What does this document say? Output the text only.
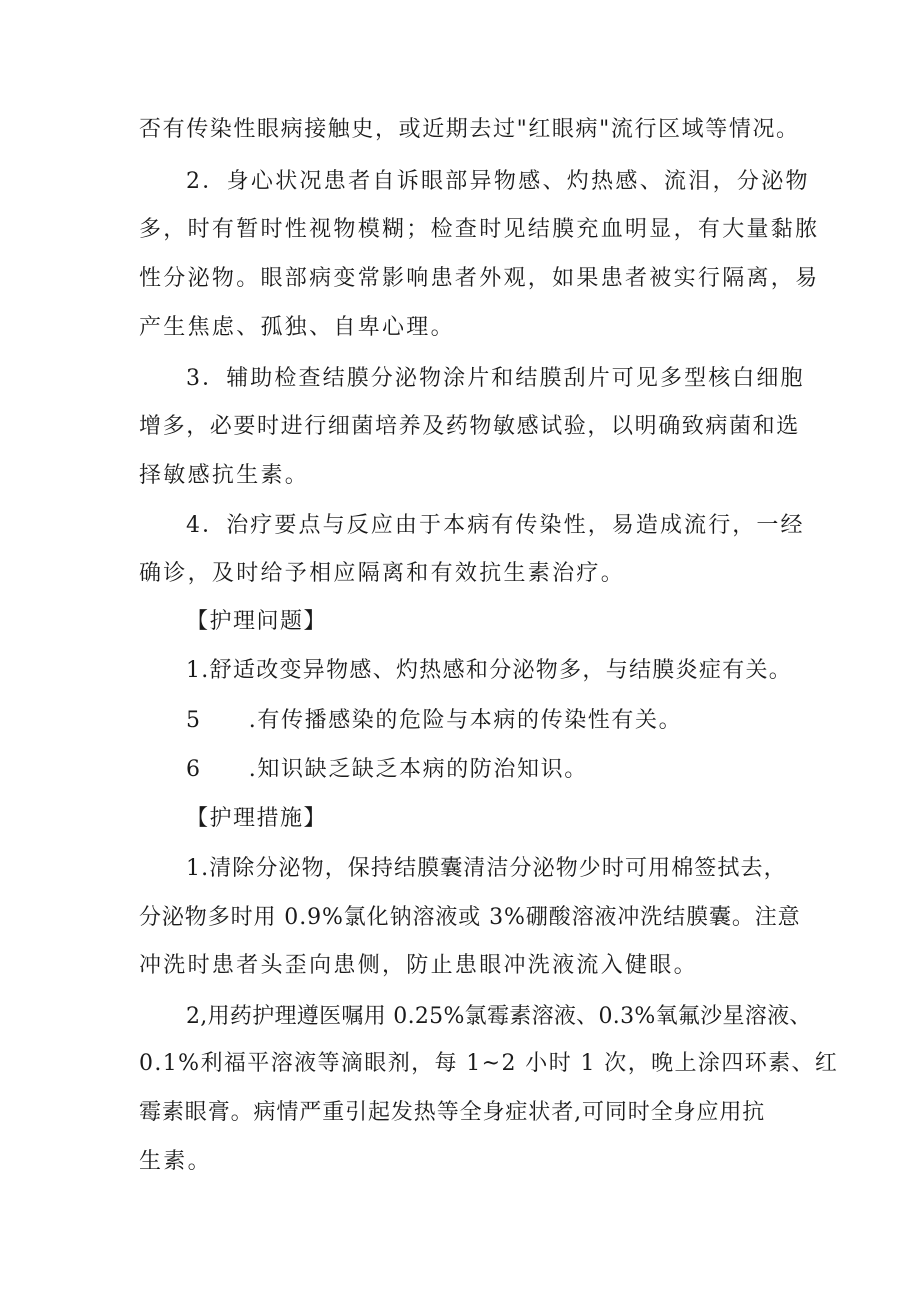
否有传染性眼病接触史，或近期去过"红眼病"流行区域等情况。
2．身心状况患者自诉眼部异物感、灼热感、流泪，分泌物
多，时有暂时性视物模糊；检查时见结膜充血明显，有大量黏脓
性分泌物。眼部病变常影响患者外观，如果患者被实行隔离，易
产生焦虑、孤独、自卑心理。
3．辅助检查结膜分泌物涂片和结膜刮片可见多型核白细胞
增多，必要时进行细菌培养及药物敏感试验，以明确致病菌和选
择敏感抗生素。
4．治疗要点与反应由于本病有传染性，易造成流行，一经
确诊，及时给予相应隔离和有效抗生素治疗。
【护理问题】
1.舒适改变异物感、灼热感和分泌物多，与结膜炎症有关。
5　　.有传播感染的危险与本病的传染性有关。
6　　.知识缺乏缺乏本病的防治知识。
【护理措施】
1.清除分泌物，保持结膜囊清洁分泌物少时可用棉签拭去，
分泌物多时用 0.9%氯化钠溶液或 3%硼酸溶液冲洗结膜囊。注意
冲洗时患者头歪向患侧，防止患眼冲洗液流入健眼。
2,用药护理遵医嘱用 0.25%氯霉素溶液、0.3%氧氟沙星溶液、
0.1%利福平溶液等滴眼剂，每 1~2 小时 1 次，晚上涂四环素、红
霉素眼膏。病情严重引起发热等全身症状者,可同时全身应用抗
生素。
